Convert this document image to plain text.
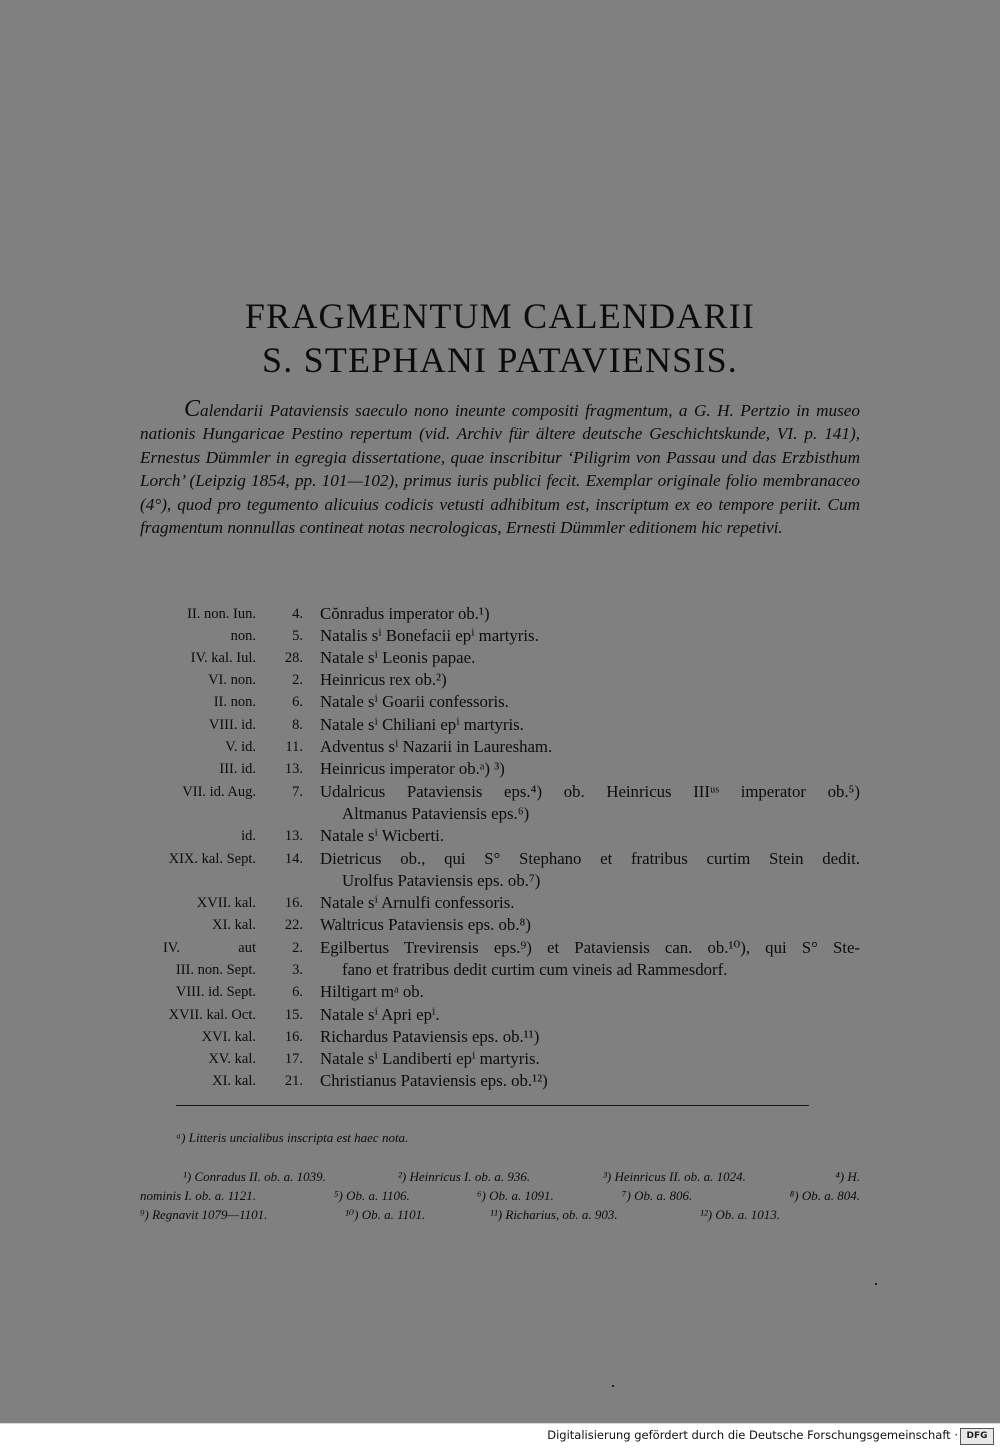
FRAGMENTUM CALENDARII
S. STEPHANI PATAVIENSIS.
Calendarii Pataviensis saeculo nono ineunte compositi fragmentum, a G. H. Pertzio in museo nationis Hungaricae Pestino repertum (vid. Archiv für ältere deutsche Geschichtskunde, VI. p. 141), Ernestus Dümmler in egregia dissertatione, quae inscribitur ‘Piligrim von Passau und das Erzbisthum Lorch’ (Leipzig 1854, pp. 101—102), primus iuris publici fecit. Exemplar originale folio membranaceo (4°), quod pro tegumento alicuius codicis vetusti adhibitum est, inscriptum ex eo tempore periit. Cum fragmentum nonnullas contineat notas necrologicas, Ernesti Dümmler editionem hic repetivi.
II. non. Iun. 4. Cŏnradus imperator ob.¹)
non. 5. Natalis sⁱ Bonefacii epⁱ martyris.
IV. kal. Iul. 28. Natale sⁱ Leonis papae.
VI. non. 2. Heinricus rex ob.²)
II. non. 6. Natale sⁱ Goarii confessoris.
VIII. id. 8. Natale sⁱ Chiliani epⁱ martyris.
V. id. 11. Adventus sⁱ Nazarii in Lauresham.
III. id. 13. Heinricus imperator ob.ᵃ) ³)
VII. id. Aug. 7. Udalricus Pataviensis eps.⁴) ob. Heinricus IIIᵘˢ imperator ob.⁵)
Altmanus Pataviensis eps.⁶)
id. 13. Natale sⁱ Wicberti.
XIX. kal. Sept. 14. Dietricus ob., qui S° Stephano et fratribus curtim Stein dedit.
Urolfus Pataviensis eps. ob.⁷)
XVII. kal. 16. Natale sⁱ Arnulfi confessoris.
XI. kal. 22. Waltricus Pataviensis eps. ob.⁸)
IV.	aut 2. Egilbertus Trevirensis eps.⁹) et Pataviensis can. ob.¹⁰), qui S° Ste-
III. non. Sept. 3. fano et fratribus dedit curtim cum vineis ad Rammesdorf.
VIII. id. Sept. 6. Hiltigart mᵃ ob.
XVII. kal. Oct. 15. Natale sⁱ Apri epⁱ.
XVI. kal. 16. Richardus Pataviensis eps. ob.¹¹)
XV. kal. 17. Natale sⁱ Landiberti epⁱ martyris.
XI. kal. 21. Christianus Pataviensis eps. ob.¹²)
ᵃ) Litteris uncialibus inscripta est haec nota.
¹) Conradus II. ob. a. 1039.	²) Heinricus I. ob. a. 936.	³) Heinricus II. ob. a. 1024.	⁴) H.
nominis I. ob. a. 1121.	⁵) Ob. a. 1106.	⁶) Ob. a. 1091.	⁷) Ob. a. 806.	⁸) Ob. a. 804.
⁹) Regnavit 1079—1101.	¹⁰) Ob. a. 1101.	¹¹) Richarius, ob. a. 903.	¹²) Ob. a. 1013.
Digitalisierung gefördert durch die Deutsche Forschungsgemeinschaft · DFG
